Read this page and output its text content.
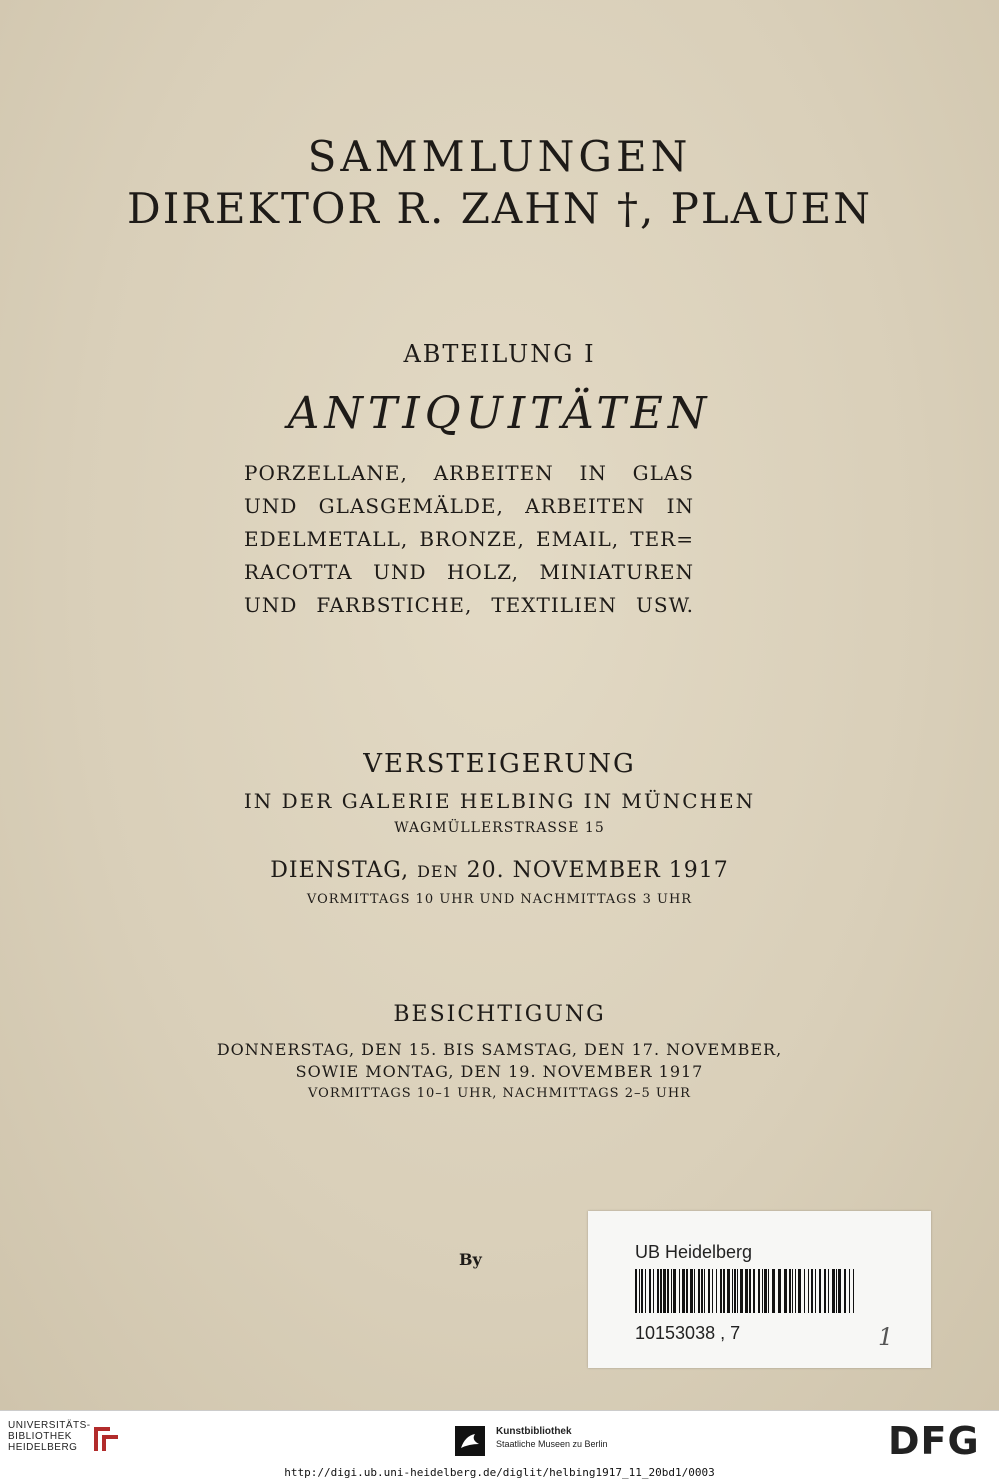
SAMMLUNGEN
DIREKTOR R. ZAHN †, PLAUEN
ABTEILUNG I
ANTIQUITÄTEN
PORZELLANE, ARBEITEN IN GLAS
UND GLASGEMÄLDE, ARBEITEN IN
EDELMETALL, BRONZE, EMAIL, TER=
RACOTTA UND HOLZ, MINIATUREN
UND FARBSTICHE, TEXTILIEN USW.
VERSTEIGERUNG
IN DER GALERIE HELBING IN MÜNCHEN
WAGMÜLLERSTRASSE 15
DIENSTAG, DEN 20. NOVEMBER 1917
VORMITTAGS 10 UHR UND NACHMITTAGS 3 UHR
BESICHTIGUNG
DONNERSTAG, DEN 15. BIS SAMSTAG, DEN 17. NOVEMBER,
SOWIE MONTAG, DEN 19. NOVEMBER 1917
VORMITTAGS 10–1 UHR, NACHMITTAGS 2–5 UHR
By	UB Heidelberg
10153038 , 7	1
UNIVERSITÄTS-
BIBLIOTHEK
HEIDELBERG
Kunstbibliothek
Staatliche Museen zu Berlin	DFG
http://digi.ub.uni-heidelberg.de/diglit/helbing1917_11_20bd1/0003
